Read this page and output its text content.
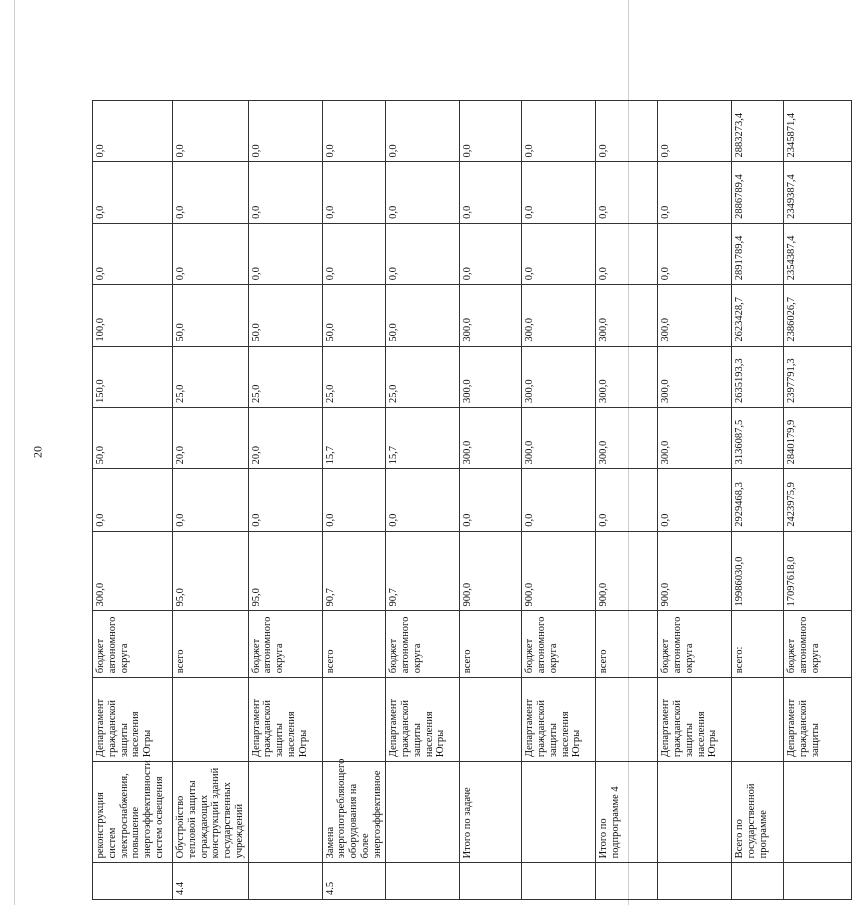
20
	реконструкция систем электроснабжения, повышение энергоэффективности систем освещения	Департамент гражданской защиты населения Югры	бюджет автономного округа	300,0	0,0	50,0	150,0	100,0	0,0	0,0	0,0
4.4	Обустройство тепловой защиты ограждающих конструкций зданий государственных учреждений		всего	95,0	0,0	20,0	25,0	50,0	0,0	0,0	0,0
		Департамент гражданской защиты населения Югры	бюджет автономного округа	95,0	0,0	20,0	25,0	50,0	0,0	0,0	0,0
4.5	Замена энергопотребляющего оборудования на более энергоэффективное		всего	90,7	0,0	15,7	25,0	50,0	0,0	0,0	0,0
		Департамент гражданской защиты населения Югры	бюджет автономного округа	90,7	0,0	15,7	25,0	50,0	0,0	0,0	0,0
	Итого по задаче		всего	900,0	0,0	300,0	300,0	300,0	0,0	0,0	0,0
		Департамент гражданской защиты населения Югры	бюджет автономного округа	900,0	0,0	300,0	300,0	300,0	0,0	0,0	0,0
	Итого по подпрограмме 4		всего	900,0	0,0	300,0	300,0	300,0	0,0	0,0	0,0
		Департамент гражданской защиты населения Югры	бюджет автономного округа	900,0	0,0	300,0	300,0	300,0	0,0	0,0	0,0
	Всего по государственной программе		всего:	19986030,0	2929468,3	3136087,5	2635193,3	2623428,7	2891789,4	2886789,4	2883273,4
		Департамент гражданской защиты	бюджет автономного округа	17097618,0	2423975,9	2840179,9	2397791,3	2386026,7	2354387,4	2349387,4	2345871,4
